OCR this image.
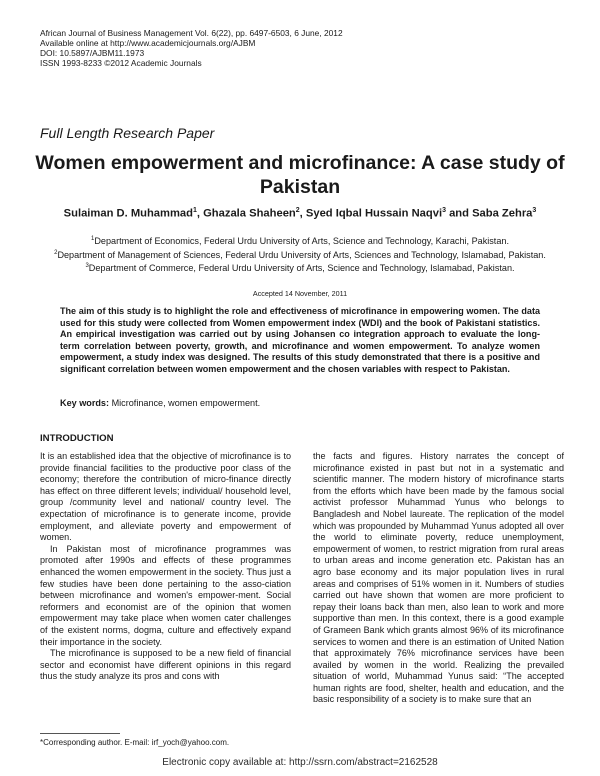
African Journal of Business Management Vol. 6(22), pp. 6497-6503, 6 June, 2012
Available online at http://www.academicjournals.org/AJBM
DOI: 10.5897/AJBM11.1973
ISSN 1993-8233 ©2012 Academic Journals
Full Length Research Paper
Women empowerment and microfinance: A case study of Pakistan
Sulaiman D. Muhammad$^1$, Ghazala Shaheen$^2$, Syed Iqbal Hussain Naqvi$^3$ and Saba Zehra$^3$
$^1$Department of Economics, Federal Urdu University of Arts, Science and Technology, Karachi, Pakistan.
$^2$Department of Management of Sciences, Federal Urdu University of Arts, Sciences and Technology, Islamabad, Pakistan.
$^3$Department of Commerce, Federal Urdu University of Arts, Science and Technology, Islamabad, Pakistan.
Accepted 14 November, 2011
The aim of this study is to highlight the role and effectiveness of microfinance in empowering women. The data used for this study were collected from Women empowerment index (WDI) and the book of Pakistani statistics. An empirical investigation was carried out by using Johansen co integration approach to evaluate the long-term correlation between poverty, growth, and microfinance and women empowerment. To analyze women empowerment, a study index was designed. The results of this study demonstrated that there is a positive and significant correlation between women empowerment and the chosen variables with respect to Pakistan.
Key words: Microfinance, women empowerment.
INTRODUCTION

It is an established idea that the objective of microfinance is to provide financial facilities to the productive poor class of the economy; therefore the contribution of micro-finance directly has effect on three different levels; individual/ household level, group /community level and national/ country level. The expectation of microfinance is to generate income, provide employment, and alleviate poverty and empowerment of women.

In Pakistan most of microfinance programmes was promoted after 1990s and effects of these programmes enhanced the women empowerment in the society. Thus just a few studies have been done pertaining to the asso-ciation between microfinance and women's empower-ment. Social reformers and economist are of the opinion that women empowerment may take place when women cater challenges of the existent norms, dogma, culture and effectively expand their importance in the society.

The microfinance is supposed to be a new field of financial sector and economist have different opinions in this regard thus the study analyze its pros and cons with

the facts and figures. History narrates the concept of microfinance existed in past but not in a systematic and scientific manner. The modern history of microfinance starts from the efforts which have been made by the famous social activist professor Muhammad Yunus who belongs to Bangladesh and Nobel laureate. The replication of the model which was propounded by Muhammad Yunus adopted all over the world to eliminate poverty, reduce unemployment, empowerment of women, to restrict migration from rural areas to urban areas and income generation etc. Pakistan has an agro base economy and its major population lives in rural areas and comprises of 51% women in it. Numbers of studies carried out have shown that women are more proficient to repay their loans back than men, also lean to work and more supportive than men. In this context, there is a good example of Grameen Bank which grants almost 96% of its microfinance services to women and there is an estimation of United Nation that approximately 76% microfinance services have been availed by women in the world. Realizing the prevailed situation of world, Muhammad Yunus said: “The accepted human rights are food, shelter, health and education, and the basic responsibility of a society is to make sure that an

*Corresponding author. E-mail: irf_yoch@yahoo.com.
Electronic copy available at: http://ssrn.com/abstract=2162528
